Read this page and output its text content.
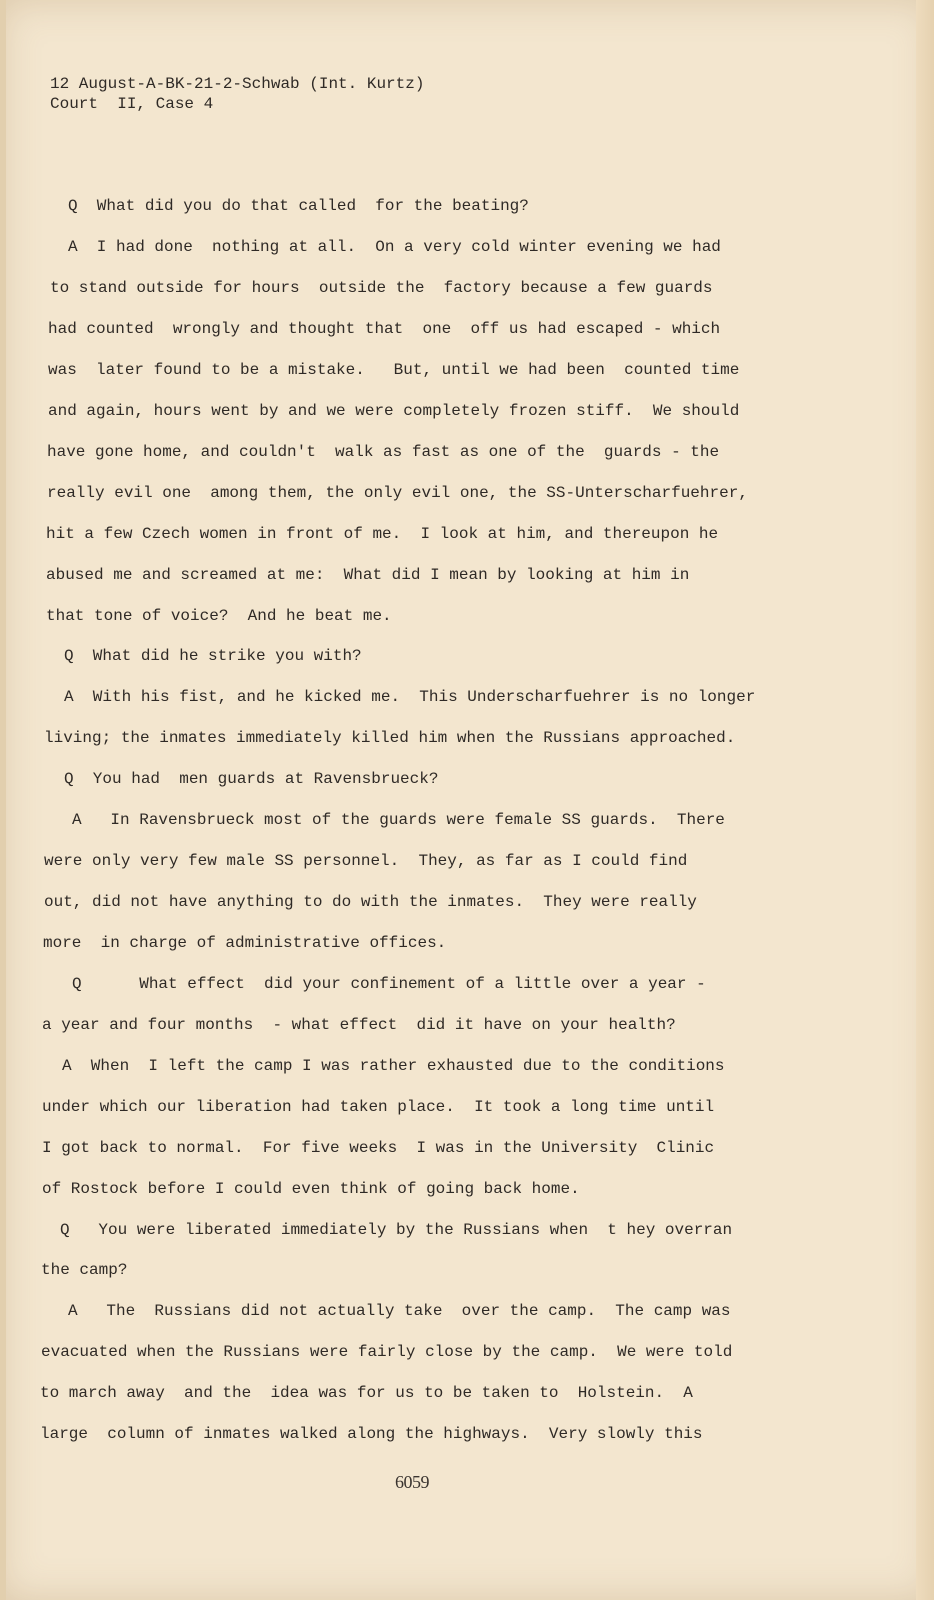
12 August-A-BK-21-2-Schwab (Int. Kurtz)
Court  II, Case 4
Q  What did you do that called  for the beating?
A  I had done  nothing at all.  On a very cold winter evening we had
to stand outside for hours  outside the  factory because a few guards
had counted  wrongly and thought that  one  off us had escaped - which
was  later found to be a mistake.   But, until we had been  counted time
and again, hours went by and we were completely frozen stiff.  We should
have gone home, and couldn't  walk as fast as one of the  guards - the
really evil one  among them, the only evil one, the SS-Unterscharfuehrer,
hit a few Czech women in front of me.  I look at him, and thereupon he
abused me and screamed at me:  What did I mean by looking at him in
that tone of voice?  And he beat me.
Q  What did he strike you with?
A  With his fist, and he kicked me.  This Underscharfuehrer is no longer
living; the inmates immediately killed him when the Russians approached.
Q  You had  men guards at Ravensbrueck?
A   In Ravensbrueck most of the guards were female SS guards.  There
were only very few male SS personnel.  They, as far as I could find
out, did not have anything to do with the inmates.  They were really
more  in charge of administrative offices.
Q      What effect  did your confinement of a little over a year -
a year and four months  - what effect  did it have on your health?
A  When  I left the camp I was rather exhausted due to the conditions
under which our liberation had taken place.  It took a long time until
I got back to normal.  For five weeks  I was in the University  Clinic
of Rostock before I could even think of going back home.
Q   You were liberated immediately by the Russians when  t hey overran
the camp?
A   The  Russians did not actually take  over the camp.  The camp was
evacuated when the Russians were fairly close by the camp.  We were told
to march away  and the  idea was for us to be taken to  Holstein.  A
large  column of inmates walked along the highways.  Very slowly this
6059
